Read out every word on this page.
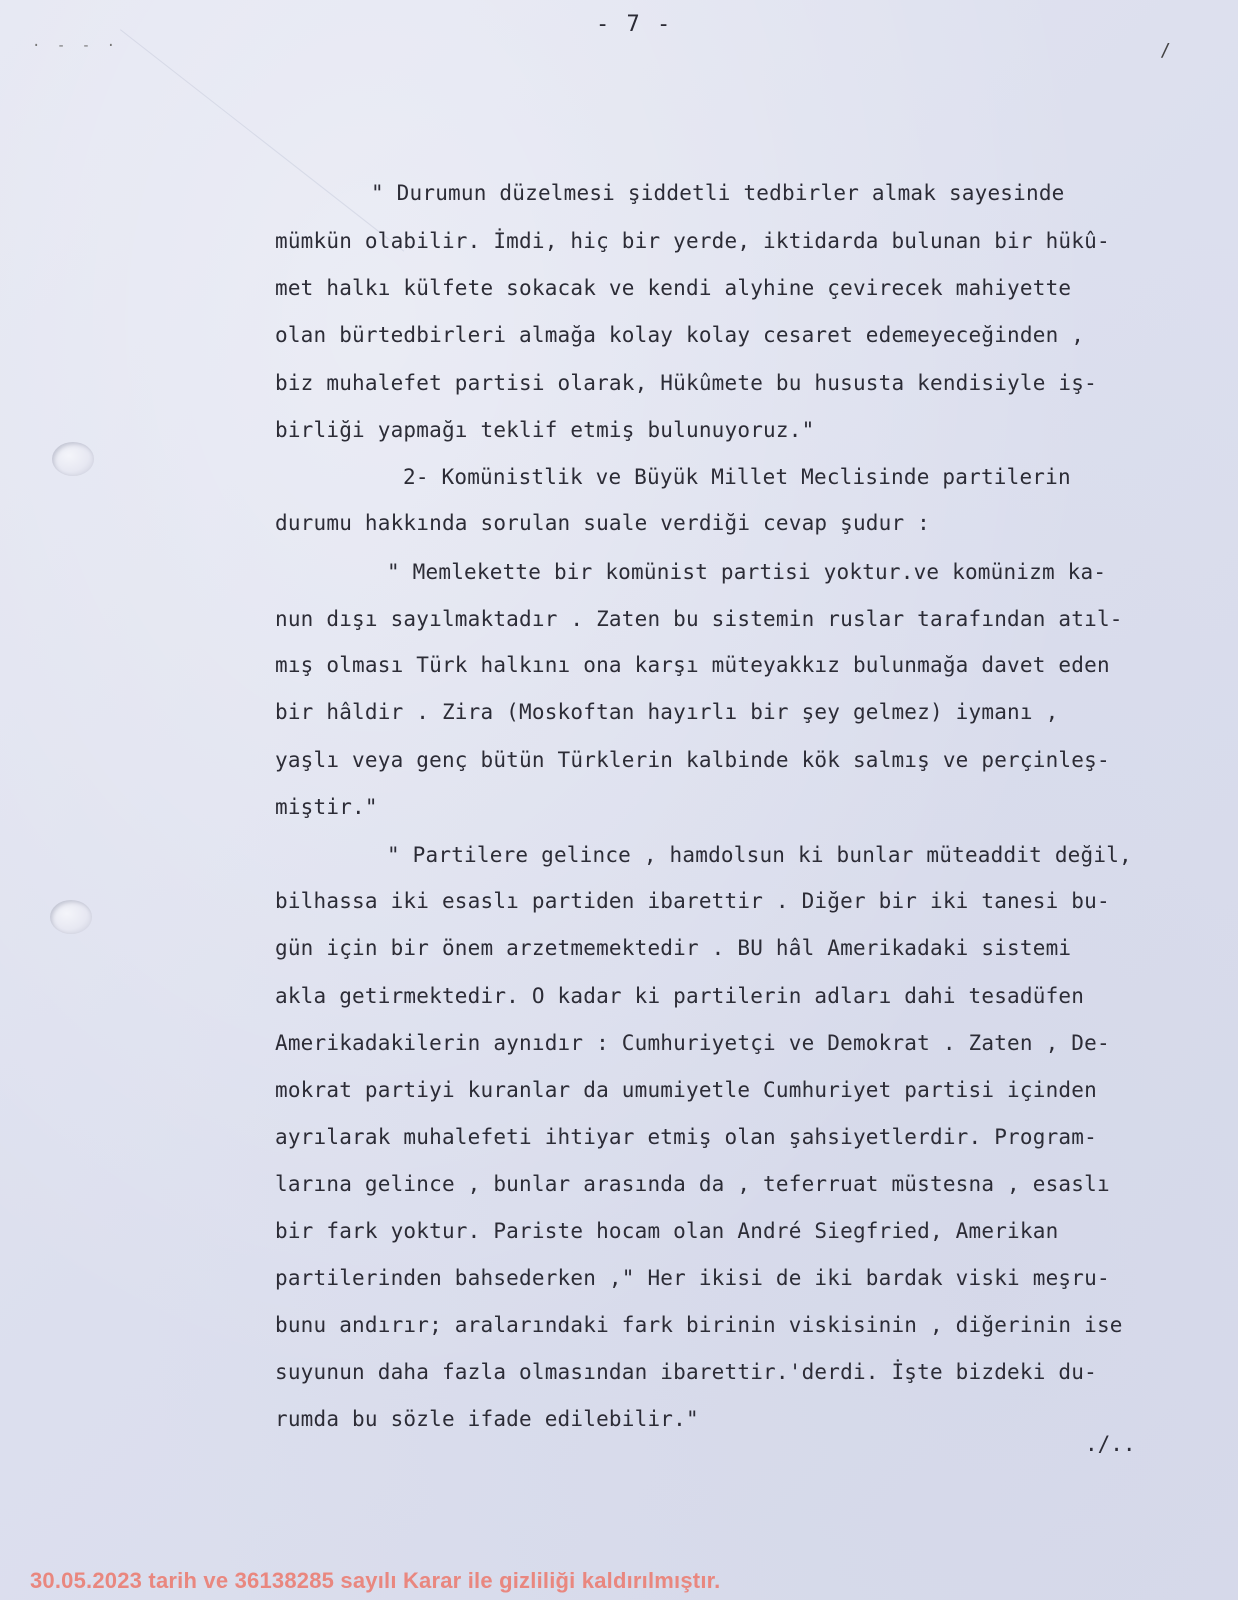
· - - ·
- 7 -
/

" Durumun düzelmesi şiddetli tedbirler almak sayesinde

mümkün olabilir. İmdi, hiç bir yerde, iktidarda bulunan bir hükû-

met halkı külfete sokacak ve kendi alyhine çevirecek mahiyette

olan bürtedbirleri almağa kolay kolay cesaret edemeyeceğinden ,

biz muhalefet partisi olarak, Hükûmete bu hususta kendisiyle iş-

birliği yapmağı teklif etmiş bulunuyoruz."

2- Komünistlik ve Büyük Millet Meclisinde partilerin

durumu hakkında sorulan suale verdiği cevap şudur :

" Memlekette bir komünist partisi yoktur.ve komünizm ka-

nun dışı sayılmaktadır . Zaten bu sistemin ruslar tarafından atıl-

mış olması Türk halkını ona karşı müteyakkız bulunmağa davet eden

bir hâldir . Zira (Moskoftan hayırlı bir şey gelmez) iymanı ,

yaşlı veya genç bütün Türklerin kalbinde kök salmış ve perçinleş-

miştir."

" Partilere gelince , hamdolsun ki bunlar müteaddit değil,

bilhassa iki esaslı partiden ibarettir . Diğer bir iki tanesi bu-

gün için bir önem arzetmemektedir . BU hâl Amerikadaki sistemi

akla getirmektedir. O kadar ki partilerin adları dahi tesadüfen

Amerikadakilerin aynıdır : Cumhuriyetçi ve Demokrat . Zaten , De-

mokrat partiyi kuranlar da umumiyetle Cumhuriyet partisi içinden

ayrılarak muhalefeti ihtiyar etmiş olan şahsiyetlerdir. Program-

larına gelince , bunlar arasında da , teferruat müstesna , esaslı

bir fark yoktur. Pariste hocam olan André Siegfried, Amerikan

partilerinden bahsederken ," Her ikisi de iki bardak viski meşru-

bunu andırır; aralarındaki fark birinin viskisinin , diğerinin ise

suyunun daha fazla olmasından ibarettir.'derdi. İşte bizdeki du-

rumda bu sözle ifade edilebilir."

./..
30.05.2023 tarih ve 36138285 sayılı Karar ile gizliliği kaldırılmıştır.
